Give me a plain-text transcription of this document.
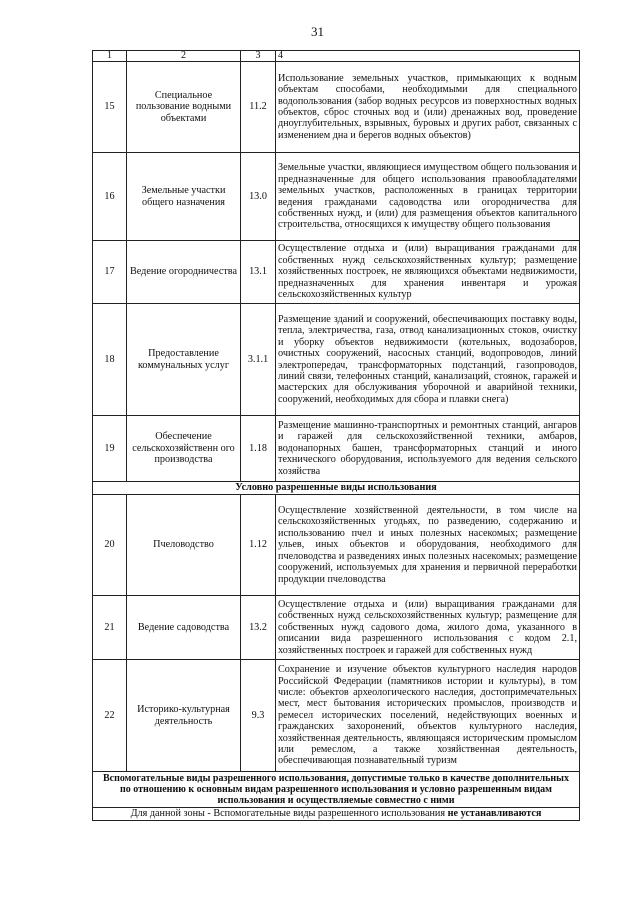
31
1	2	3	4
15	Специальное пользование водными объектами	11.2	Использование земельных участков, примыкающих к водным объектам способами, необходимыми для специального водопользования (забор водных ресурсов из поверхностных водных объектов, сброс сточных вод и (или) дренажных вод, проведение дноуглубительных, взрывных, буровых и других работ, связанных с изменением дна и берегов водных объектов)
16	Земельные участки общего назначения	13.0	Земельные участки, являющиеся имуществом общего пользования и предназначенные для общего использования правообладателями земельных участков, расположенных в границах территории ведения гражданами садоводства или огородничества для собственных нужд, и (или) для размещения объектов капитального строительства, относящихся к имуществу общего пользования
17	Ведение огородничества	13.1	Осуществление отдыха и (или) выращивания гражданами для собственных нужд сельскохозяйственных культур; размещение хозяйственных построек, не являющихся объектами недвижимости, предназначенных для хранения инвентаря и урожая сельскохозяйственных культур
18	Предоставление коммунальных услуг	3.1.1	Размещение зданий и сооружений, обеспечивающих поставку воды, тепла, электричества, газа, отвод канализационных стоков, очистку и уборку объектов недвижимости (котельных, водозаборов, очистных сооружений, насосных станций, водопроводов, линий электропередач, трансформаторных подстанций, газопроводов, линий связи, телефонных станций, канализаций, стоянок, гаражей и мастерских для обслуживания уборочной и аварийной техники, сооружений, необходимых для сбора и плавки снега)
19	Обеспечение сельскохозяйственн ого производства	1.18	Размещение машинно-транспортных и ремонтных станций, ангаров и гаражей для сельскохозяйственной техники, амбаров, водонапорных башен, трансформаторных станций и иного технического оборудования, используемого для ведения сельского хозяйства
Условно разрешенные виды использования			
20	Пчеловодство	1.12	Осуществление хозяйственной деятельности, в том числе на сельскохозяйственных угодьях, по разведению, содержанию и использованию пчел и иных полезных насекомых; размещение ульев, иных объектов и оборудования, необходимого для пчеловодства и разведениях иных полезных насекомых; размещение сооружений, используемых для хранения и первичной переработки продукции пчеловодства
21	Ведение садоводства	13.2	Осуществление отдыха и (или) выращивания гражданами для собственных нужд сельскохозяйственных культур; размещение для собственных нужд садового дома, жилого дома, указанного в описании вида разрешенного использования с кодом 2.1, хозяйственных построек и гаражей для собственных нужд
22	Историко-культурная деятельность	9.3	Сохранение и изучение объектов культурного наследия народов Российской Федерации (памятников истории и культуры), в том числе: объектов археологического наследия, достопримечательных мест, мест бытования исторических промыслов, производств и ремесел исторических поселений, недействующих военных и гражданских захоронений, объектов культурного наследия, хозяйственная деятельность, являющаяся историческим промыслом или ремеслом, а также хозяйственная деятельность, обеспечивающая познавательный туризм
Вспомогательные виды разрешенного использования, допустимые только в качестве дополнительных по отношению к основным видам разрешенного использования и условно разрешенным видам использования и осуществляемые совместно с ними			
Для данной зоны - Вспомогательные виды разрешенного использования не устанавливаются			
